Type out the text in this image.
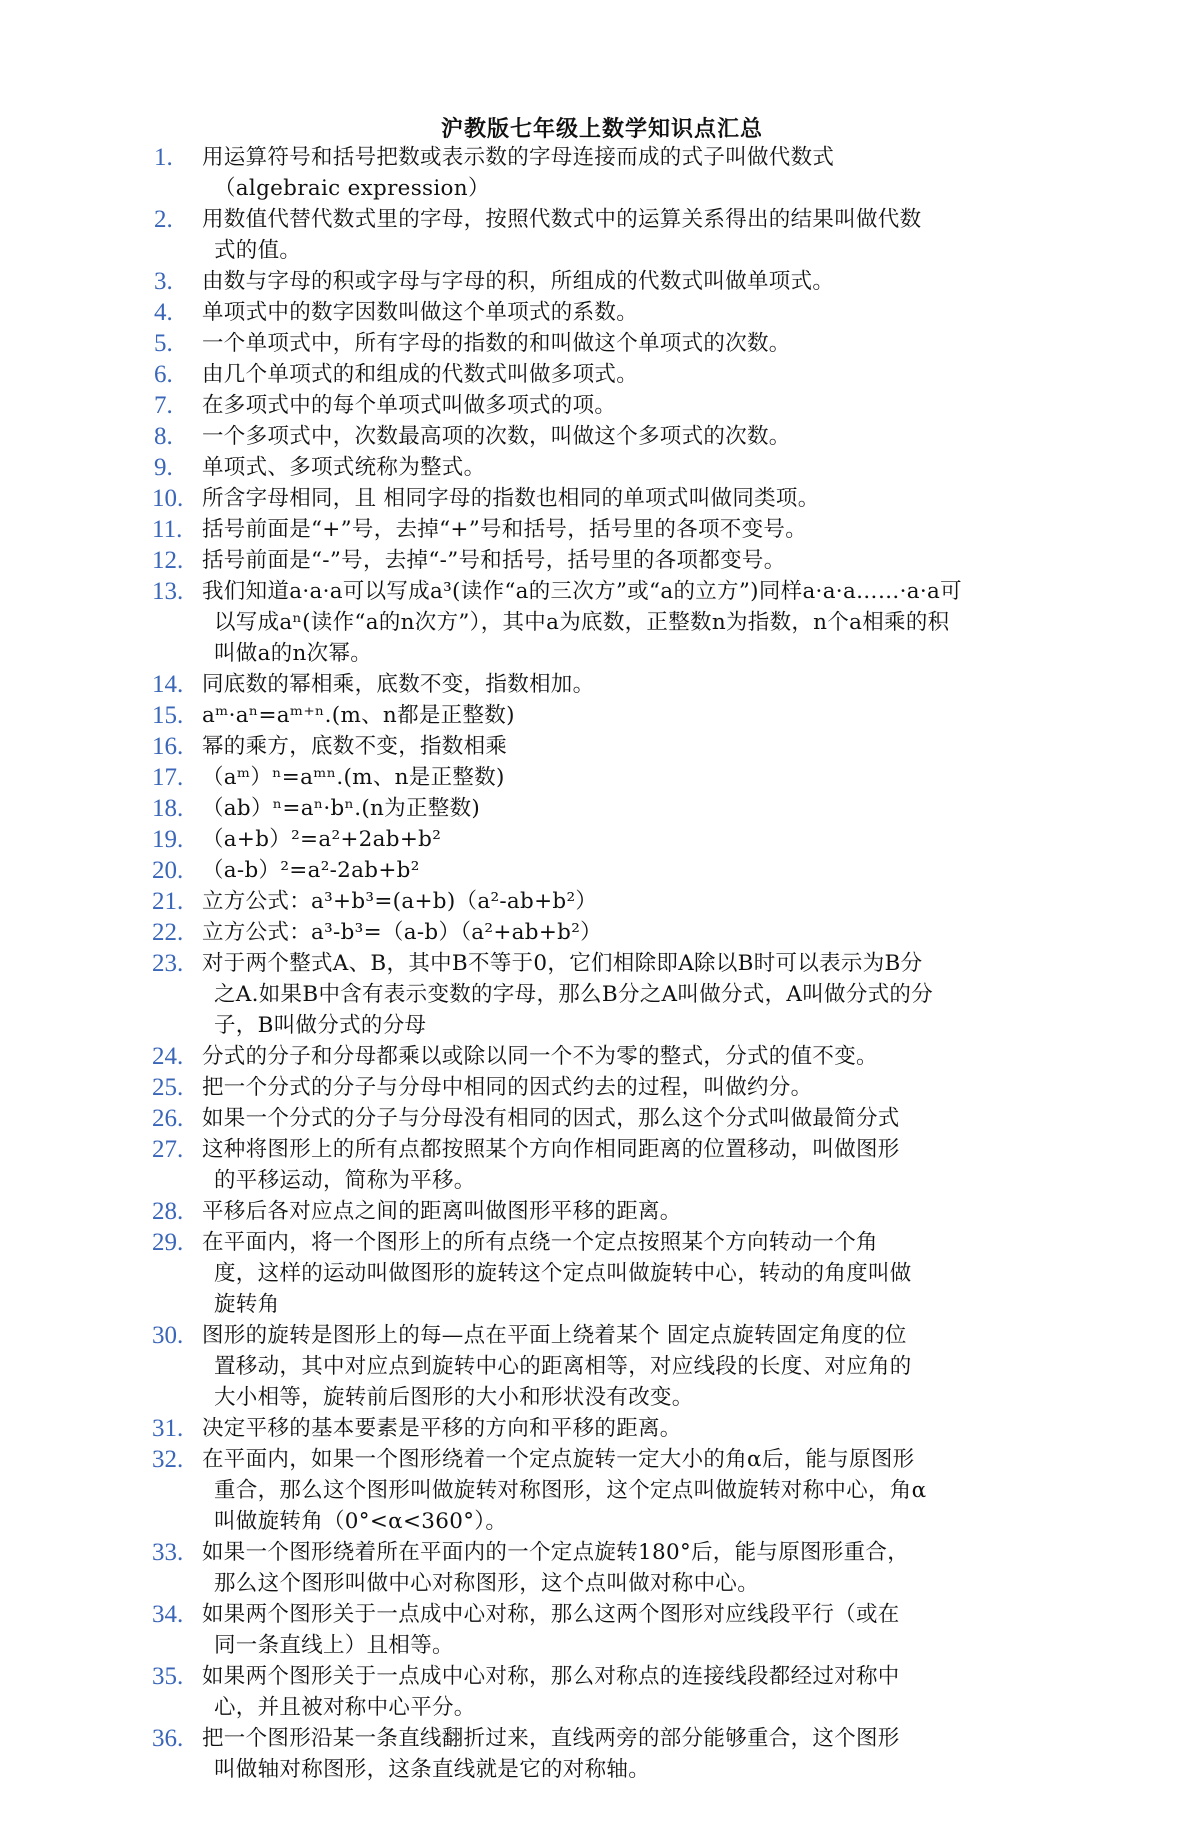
沪教版七年级上数学知识点汇总
1.	用运算符号和括号把数或表示数的字母连接而成的式子叫做代数式
（algebraic expression）
2.	用数值代替代数式里的字母，按照代数式中的运算关系得出的结果叫做代数
式的值。
3.	由数与字母的积或字母与字母的积，所组成的代数式叫做单项式。
4.	单项式中的数字因数叫做这个单项式的系数。
5.	一个单项式中，所有字母的指数的和叫做这个单项式的次数。
6.	由几个单项式的和组成的代数式叫做多项式。
7.	在多项式中的每个单项式叫做多项式的项。
8.	一个多项式中，次数最高项的次数，叫做这个多项式的次数。
9.	单项式、多项式统称为整式。
10. 所含字母相同，且 相同字母的指数也相同的单项式叫做同类项。
11. 括号前面是“+”号，去掉“+”号和括号，括号里的各项不变号。
12. 括号前面是“-”号，去掉“-”号和括号，括号里的各项都变号。
13. 我们知道a·a·a可以写成a³(读作“a的三次方”或“a的立方”)同样a·a·a……·a·a可
以写成aⁿ(读作“a的n次方”），其中a为底数，正整数n为指数，n个a相乘的积
叫做a的n次幂。
14. 同底数的幂相乘，底数不变，指数相加。
15. aᵐ·aⁿ=aᵐ⁺ⁿ.(m、n都是正整数)
16. 幂的乘方，底数不变，指数相乘
17. （aᵐ）ⁿ=aᵐⁿ.(m、n是正整数)
18. （ab）ⁿ=aⁿ·bⁿ.(n为正整数)
19. （a+b）²=a²+2ab+b²
20. （a-b）²=a²-2ab+b²
21. 立方公式：a³+b³=(a+b)（a²-ab+b²）
22. 立方公式：a³-b³=（a-b）（a²+ab+b²）
23. 对于两个整式A、B，其中B不等于0，它们相除即A除以B时可以表示为B分
之A.如果B中含有表示变数的字母，那么B分之A叫做分式，A叫做分式的分
子，B叫做分式的分母
24. 分式的分子和分母都乘以或除以同一个不为零的整式，分式的值不变。
25. 把一个分式的分子与分母中相同的因式约去的过程，叫做约分。
26. 如果一个分式的分子与分母没有相同的因式，那么这个分式叫做最简分式
27. 这种将图形上的所有点都按照某个方向作相同距离的位置移动，叫做图形
的平移运动，简称为平移。
28. 平移后各对应点之间的距离叫做图形平移的距离。
29. 在平面内，将一个图形上的所有点绕一个定点按照某个方向转动一个角
度，这样的运动叫做图形的旋转这个定点叫做旋转中心，转动的角度叫做
旋转角
30. 图形的旋转是图形上的每—点在平面上绕着某个 固定点旋转固定角度的位
置移动，其中对应点到旋转中心的距离相等，对应线段的长度、对应角的
大小相等，旋转前后图形的大小和形状没有改变。
31. 决定平移的基本要素是平移的方向和平移的距离。
32. 在平面内，如果一个图形绕着一个定点旋转一定大小的角α后，能与原图形
重合，那么这个图形叫做旋转对称图形，这个定点叫做旋转对称中心，角α
叫做旋转角（0°<α<360°）。
33. 如果一个图形绕着所在平面内的一个定点旋转180°后，能与原图形重合，
那么这个图形叫做中心对称图形，这个点叫做对称中心。
34. 如果两个图形关于一点成中心对称，那么这两个图形对应线段平行（或在
同一条直线上）且相等。
35. 如果两个图形关于一点成中心对称，那么对称点的连接线段都经过对称中
心，并且被对称中心平分。
36. 把一个图形沿某一条直线翻折过来，直线两旁的部分能够重合，这个图形
叫做轴对称图形，这条直线就是它的对称轴。
